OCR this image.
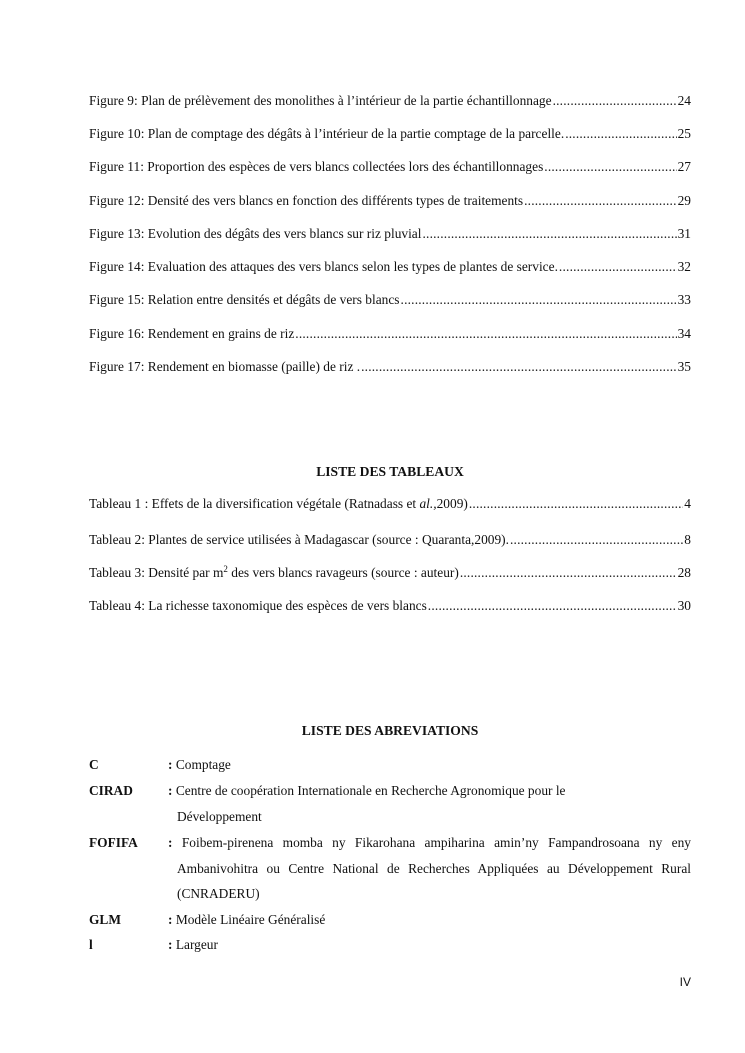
Figure 9: Plan de prélèvement des monolithes à l’intérieur de la partie échantillonnage .....	24
Figure 10: Plan de comptage des dégâts à l’intérieur de la partie comptage de la parcelle. .....	25
Figure 11: Proportion des espèces de vers blancs collectées lors des échantillonnages .....	27
Figure 12: Densité des vers blancs en fonction des différents types de traitements .....	29
Figure 13: Evolution des dégâts des vers blancs sur riz pluvial .....	31
Figure 14: Evaluation des attaques des vers blancs selon les types de plantes de service. .....	32
Figure 15: Relation entre densités et dégâts de vers blancs .....	33
Figure 16: Rendement en grains de riz .....	34
Figure 17: Rendement en biomasse (paille) de riz . .....	35
LISTE DES TABLEAUX
Tableau 1 : Effets de la diversification végétale (Ratnadass et al.,2009) .....	4
Tableau 2: Plantes de service utilisées à Madagascar (source : Quaranta,2009). .....	8
Tableau 3: Densité par $m^2$ des vers blancs ravageurs (source : auteur) .....	28
Tableau 4: La richesse taxonomique des espèces de vers blancs .....	30
LISTE DES ABREVIATIONS
C	: Comptage
CIRAD	: Centre de coopération Internationale en Recherche Agronomique pour le Développement
FOFIFA : Foibem-pirenena momba ny Fikarohana ampiharina amin’ny Fampandrosoana ny eny Ambanivohitra ou Centre National de Recherches Appliquées au Développement Rural (CNRADERU)
GLM	: Modèle Linéaire Généralisé
l	: Largeur
IV
